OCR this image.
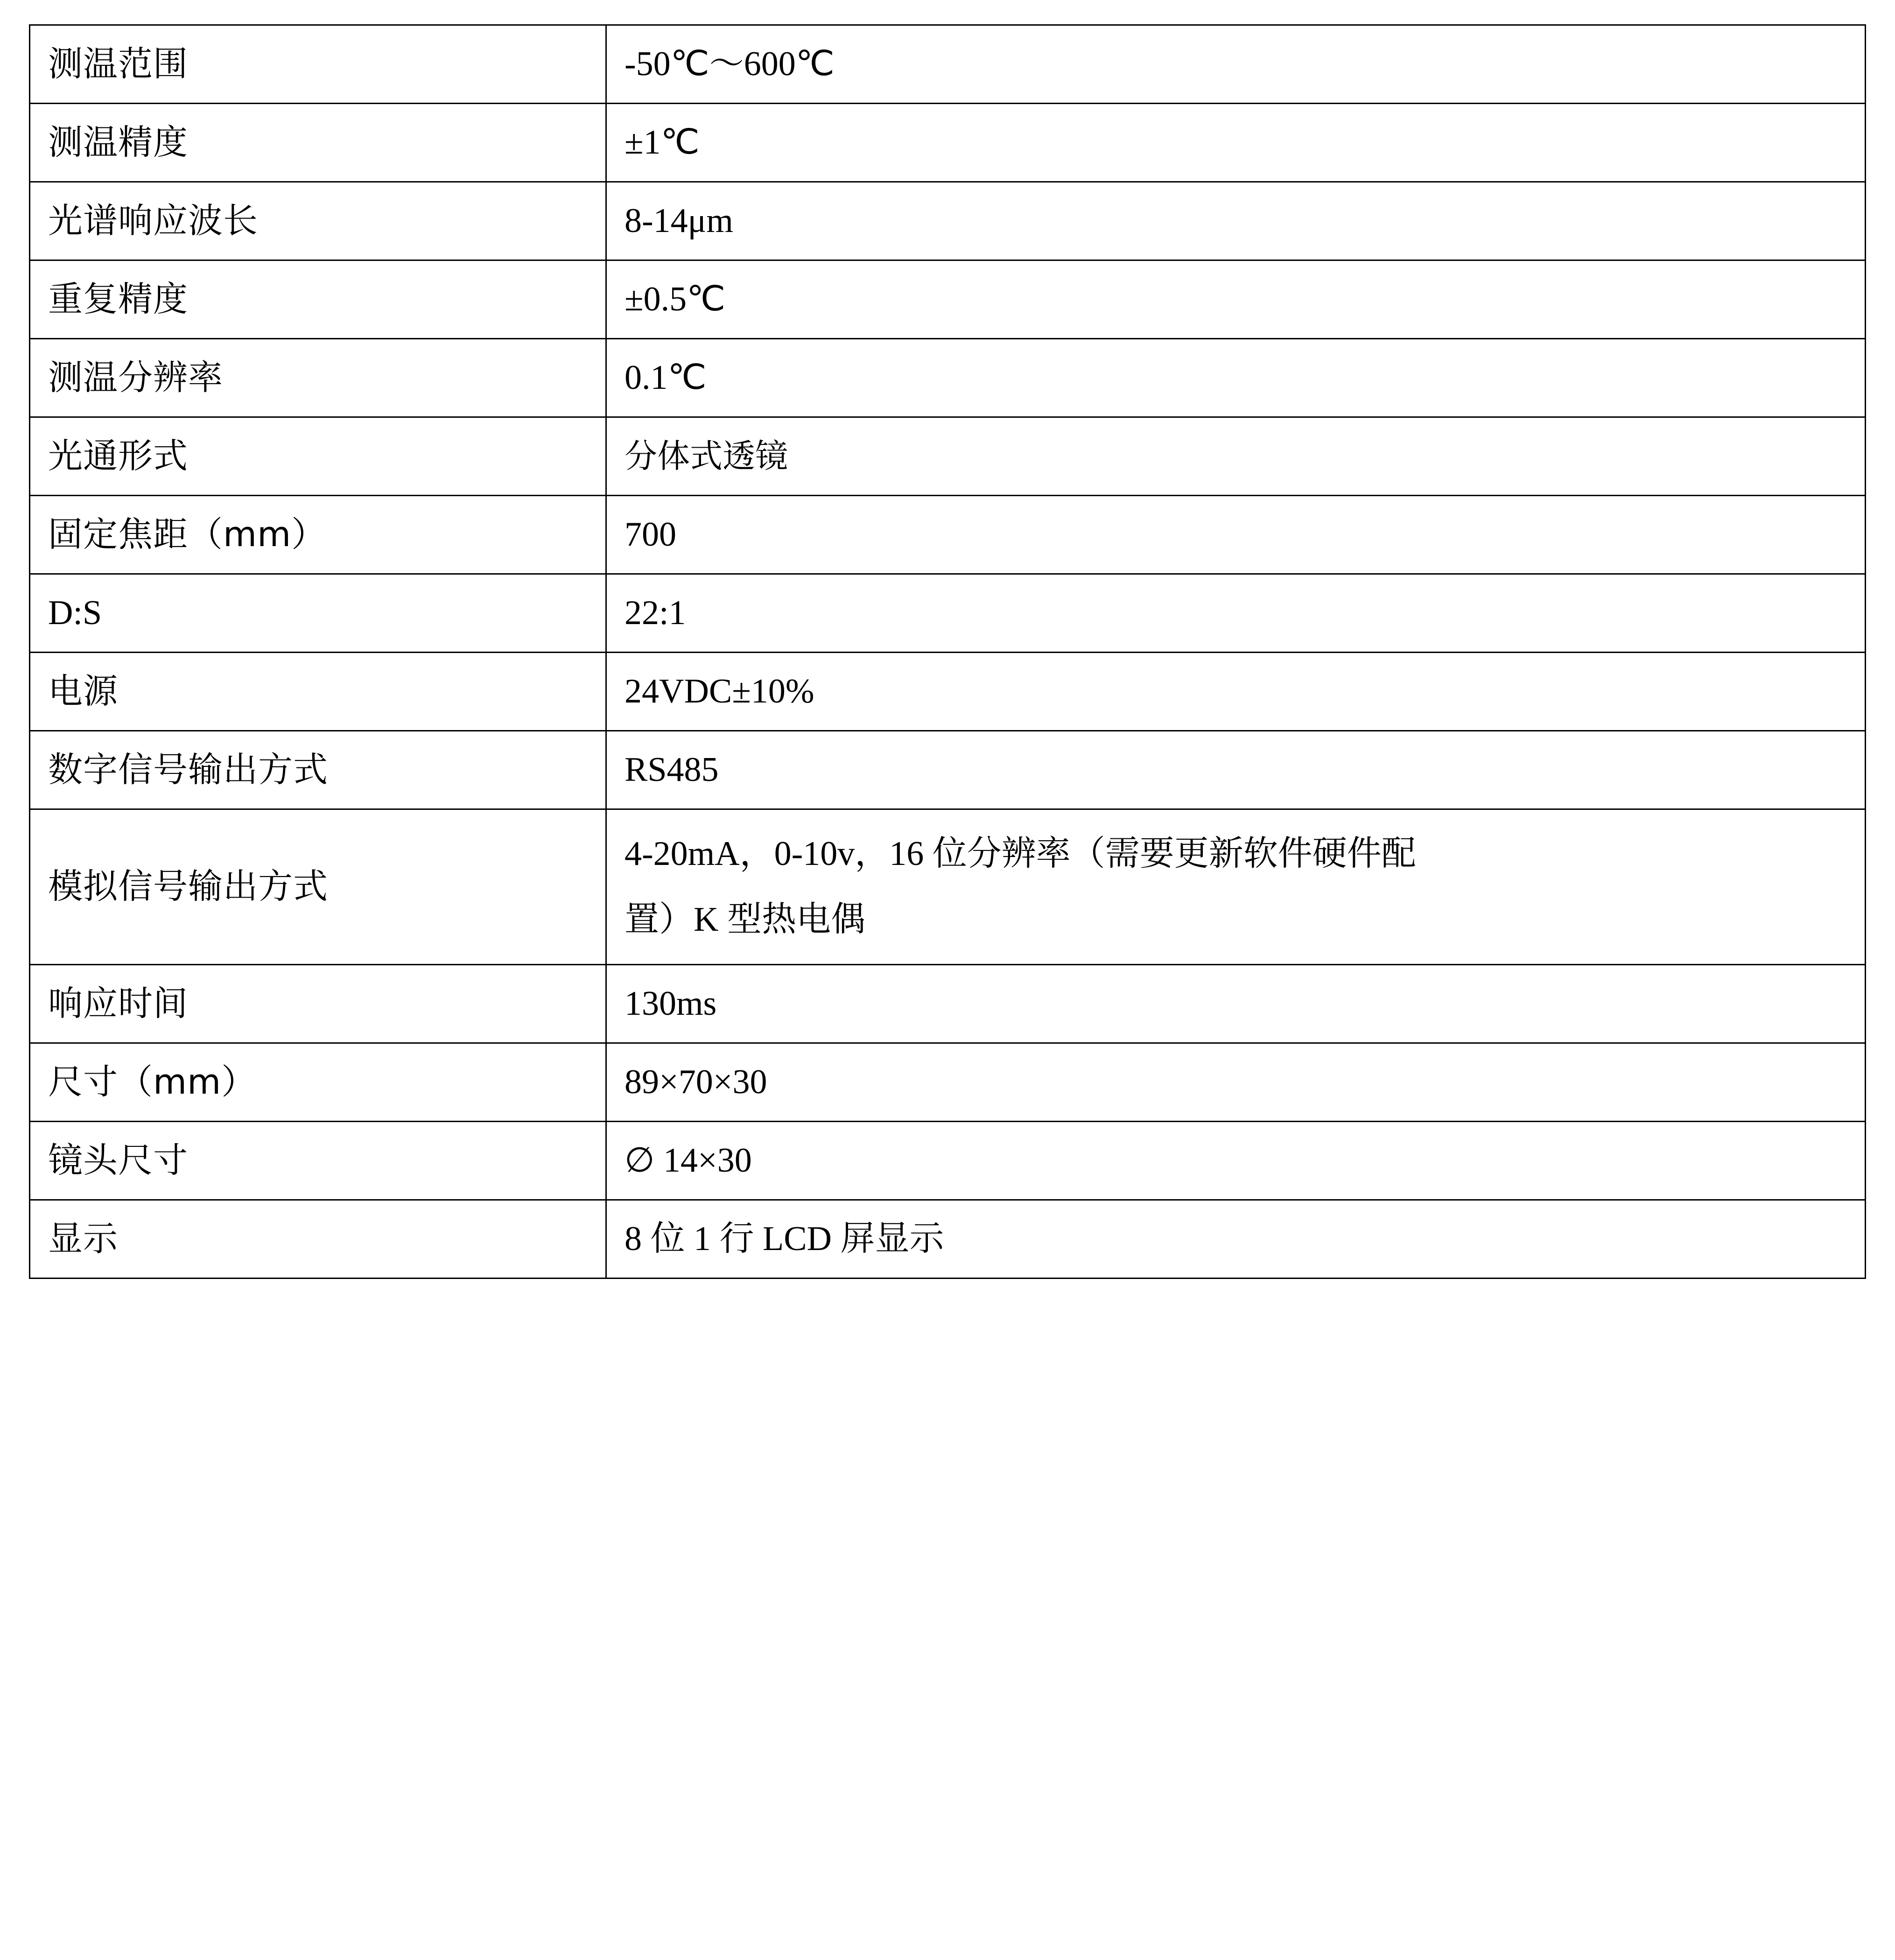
测温范围	-50℃～600℃
测温精度	±1℃
光谱响应波长	8-14μm
重复精度	±0.5℃
测温分辨率	0.1℃
光通形式	分体式透镜
固定焦距（mm）	700
D:S	22:1
电源	24VDC±10%
数字信号输出方式	RS485
模拟信号输出方式	4-20mA，0-10v，16 位分辨率（需要更新软件硬件配
置）K 型热电偶

响应时间	130ms
尺寸（mm）	89×70×30
镜头尺寸	∅ 14×30
显示	8 位 1 行 LCD 屏显示
